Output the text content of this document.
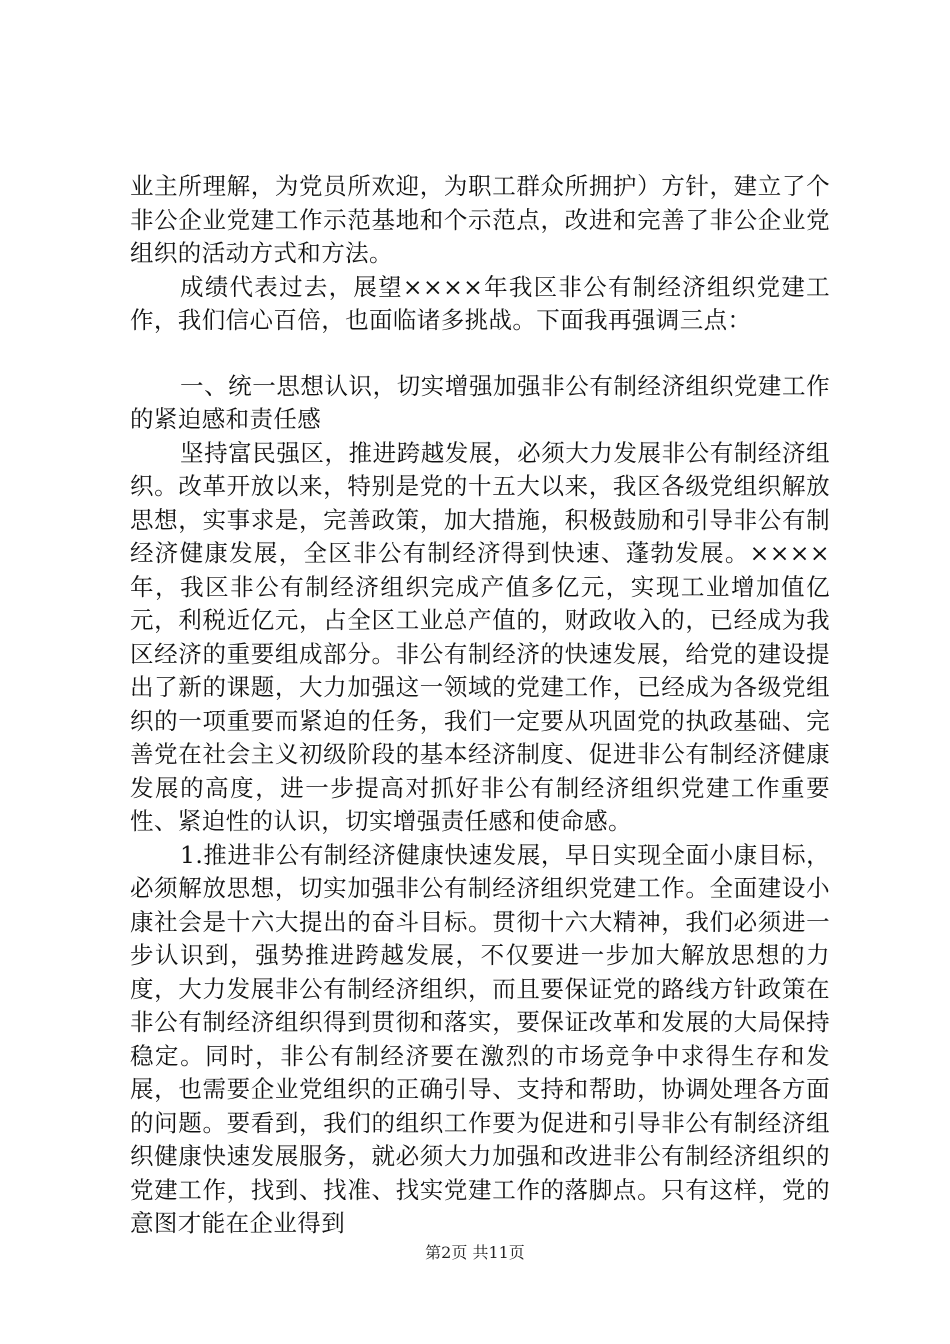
业主所理解，为党员所欢迎，为职工群众所拥护）方针，建立了个非公企业党建工作示范基地和个示范点，改进和完善了非公企业党组织的活动方式和方法。

成绩代表过去，展望××××年我区非公有制经济组织党建工作，我们信心百倍，也面临诸多挑战。下面我再强调三点：

一、统一思想认识，切实增强加强非公有制经济组织党建工作的紧迫感和责任感

坚持富民强区，推进跨越发展，必须大力发展非公有制经济组织。改革开放以来，特别是党的十五大以来，我区各级党组织解放思想，实事求是，完善政策，加大措施，积极鼓励和引导非公有制经济健康发展，全区非公有制经济得到快速、蓬勃发展。××××年，我区非公有制经济组织完成产值多亿元，实现工业增加值亿元，利税近亿元，占全区工业总产值的，财政收入的，已经成为我区经济的重要组成部分。非公有制经济的快速发展，给党的建设提出了新的课题，大力加强这一领域的党建工作，已经成为各级党组织的一项重要而紧迫的任务，我们一定要从巩固党的执政基础、完善党在社会主义初级阶段的基本经济制度、促进非公有制经济健康发展的高度，进一步提高对抓好非公有制经济组织党建工作重要性、紧迫性的认识，切实增强责任感和使命感。

1.推进非公有制经济健康快速发展，早日实现全面小康目标，必须解放思想，切实加强非公有制经济组织党建工作。全面建设小康社会是十六大提出的奋斗目标。贯彻十六大精神，我们必须进一步认识到，强势推进跨越发展，不仅要进一步加大解放思想的力度，大力发展非公有制经济组织，而且要保证党的路线方针政策在非公有制经济组织得到贯彻和落实，要保证改革和发展的大局保持稳定。同时，非公有制经济要在激烈的市场竞争中求得生存和发展，也需要企业党组织的正确引导、支持和帮助，协调处理各方面的问题。要看到，我们的组织工作要为促进和引导非公有制经济组织健康快速发展服务，就必须大力加强和改进非公有制经济组织的党建工作，找到、找准、找实党建工作的落脚点。只有这样，党的意图才能在企业得到

第2页 共11页
